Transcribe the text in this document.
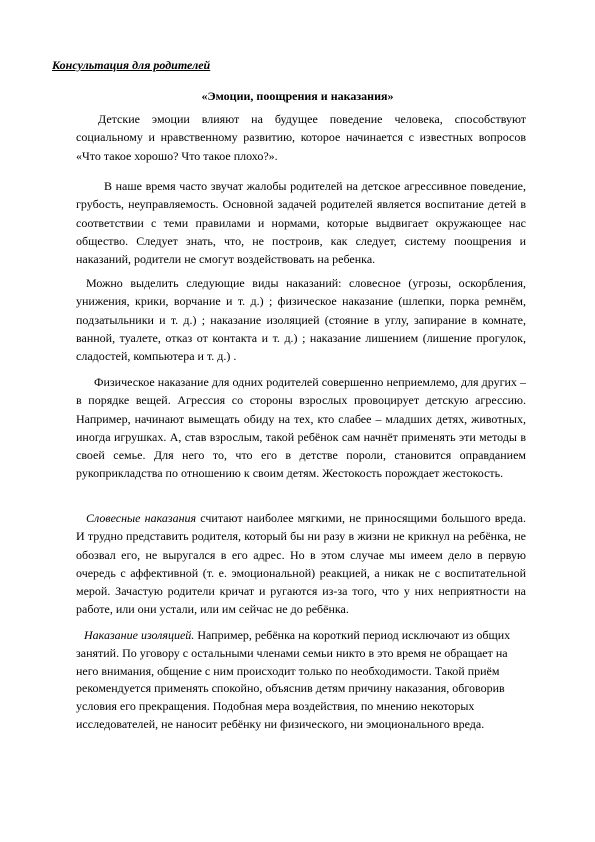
Консультация для родителей

«Эмоции, поощрения и наказания»

Детские эмоции влияют на будущее поведение человека, способствуют социальному и нравственному развитию, которое начинается с известных вопросов «Что такое хорошо? Что такое плохо?».

В наше время часто звучат жалобы родителей на детское агрессивное поведение, грубость, неуправляемость. Основной задачей родителей является воспитание детей в соответствии с теми правилами и нормами, которые выдвигает окружающее нас общество. Следует знать, что, не построив, как следует, систему поощрения и наказаний, родители не смогут воздействовать на ребенка.

Можно выделить следующие виды наказаний: словесное (угрозы, оскорбления, унижения, крики, ворчание и т. д.) ; физическое наказание (шлепки, порка ремнём, подзатыльники и т. д.) ; наказание изоляцией (стояние в углу, запирание в комнате, ванной, туалете, отказ от контакта и т. д.) ; наказание лишением (лишение прогулок, сладостей, компьютера и т. д.) .

Физическое наказание для одних родителей совершенно неприемлемо, для других – в порядке вещей. Агрессия со стороны взрослых провоцирует детскую агрессию. Например, начинают вымещать обиду на тех, кто слабее – младших детях, животных, иногда игрушках. А, став взрослым, такой ребёнок сам начнёт применять эти методы в своей семье. Для него то, что его в детстве пороли, становится оправданием рукоприкладства по отношению к своим детям. Жестокость порождает жестокость.

Словесные наказания считают наиболее мягкими, не приносящими большого вреда. И трудно представить родителя, который бы ни разу в жизни не крикнул на ребёнка, не обозвал его, не выругался в его адрес. Но в этом случае мы имеем дело в первую очередь с аффективной (т. е. эмоциональной) реакцией, а никак не с воспитательной мерой. Зачастую родители кричат и ругаются из-за того, что у них неприятности на работе, или они устали, или им сейчас не до ребёнка.

Наказание изоляцией. Например, ребёнка на короткий период исключают из общих занятий. По уговору с остальными членами семьи никто в это время не обращает на него внимания, общение с ним происходит только по необходимости. Такой приём рекомендуется применять спокойно, объяснив детям причину наказания, обговорив условия его прекращения. Подобная мера воздействия, по мнению некоторых исследователей, не наносит ребёнку ни физического, ни эмоционального вреда.
